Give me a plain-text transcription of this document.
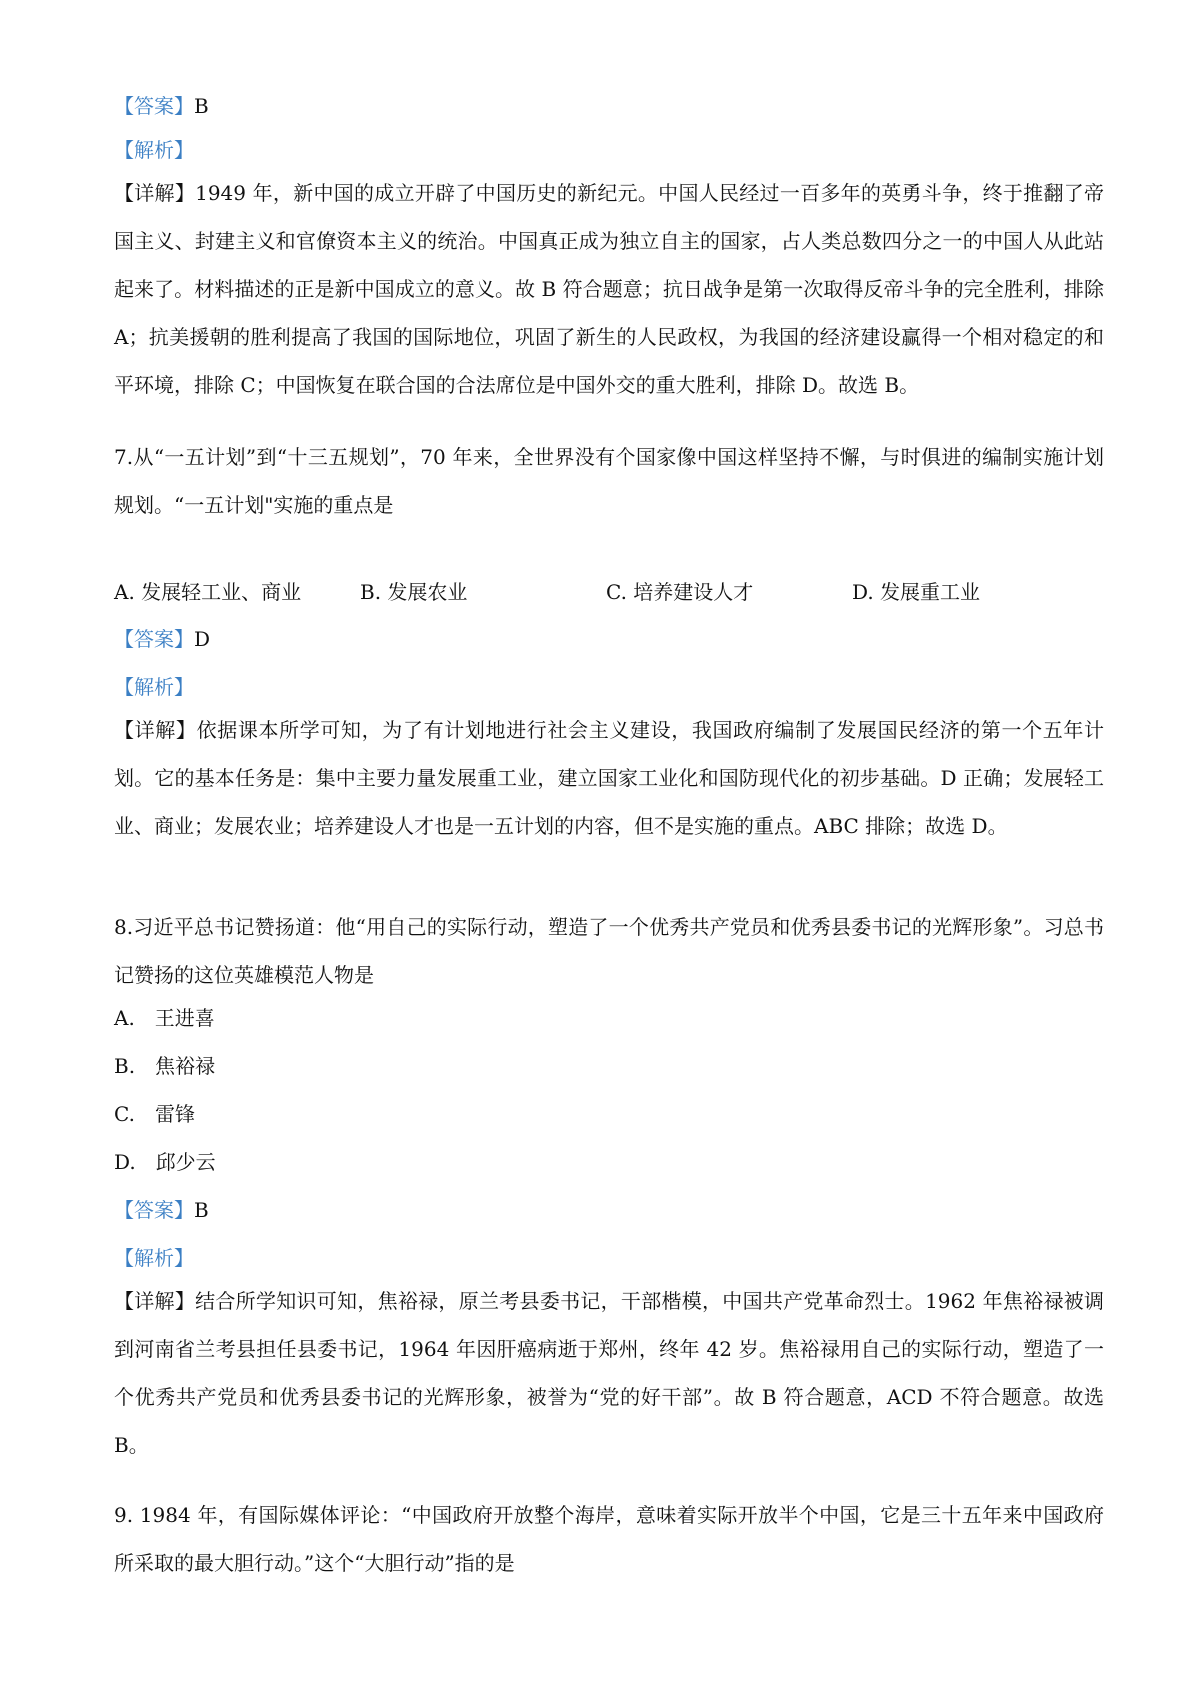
【答案】B
【解析】
【详解】1949 年，新中国的成立开辟了中国历史的新纪元。中国人民经过一百多年的英勇斗争，终于推翻了帝国主义、封建主义和官僚资本主义的统治。中国真正成为独立自主的国家，占人类总数四分之一的中国人从此站起来了。材料描述的正是新中国成立的意义。故 B 符合题意；抗日战争是第一次取得反帝斗争的完全胜利，排除 A；抗美援朝的胜利提高了我国的国际地位，巩固了新生的人民政权，为我国的经济建设赢得一个相对稳定的和平环境，排除 C；中国恢复在联合国的合法席位是中国外交的重大胜利，排除 D。故选 B。
7.从“一五计划”到“十三五规划”，70 年来，全世界没有个国家像中国这样坚持不懈，与时俱进的编制实施计划规划。“一五计划"实施的重点是
A. 发展轻工业、商业	B. 发展农业	C. 培养建设人才	D. 发展重工业
【答案】D
【解析】
【详解】依据课本所学可知，为了有计划地进行社会主义建设，我国政府编制了发展国民经济的第一个五年计划。它的基本任务是：集中主要力量发展重工业，建立国家工业化和国防现代化的初步基础。D 正确；发展轻工业、商业；发展农业；培养建设人才也是一五计划的内容，但不是实施的重点。ABC 排除；故选 D。
8.习近平总书记赞扬道：他“用自己的实际行动，塑造了一个优秀共产党员和优秀县委书记的光辉形象”。习总书记赞扬的这位英雄模范人物是
A.　王进喜
B.　焦裕禄
C.　雷锋
D.　邱少云
【答案】B
【解析】
【详解】结合所学知识可知，焦裕禄，原兰考县委书记，干部楷模，中国共产党革命烈士。1962 年焦裕禄被调到河南省兰考县担任县委书记，1964 年因肝癌病逝于郑州，终年 42 岁。焦裕禄用自己的实际行动，塑造了一个优秀共产党员和优秀县委书记的光辉形象，被誉为“党的好干部”。故 B 符合题意，ACD 不符合题意。故选 B。
9. 1984 年，有国际媒体评论：“中国政府开放整个海岸，意味着实际开放半个中国，它是三十五年来中国政府所采取的最大胆行动。”这个“大胆行动”指的是
